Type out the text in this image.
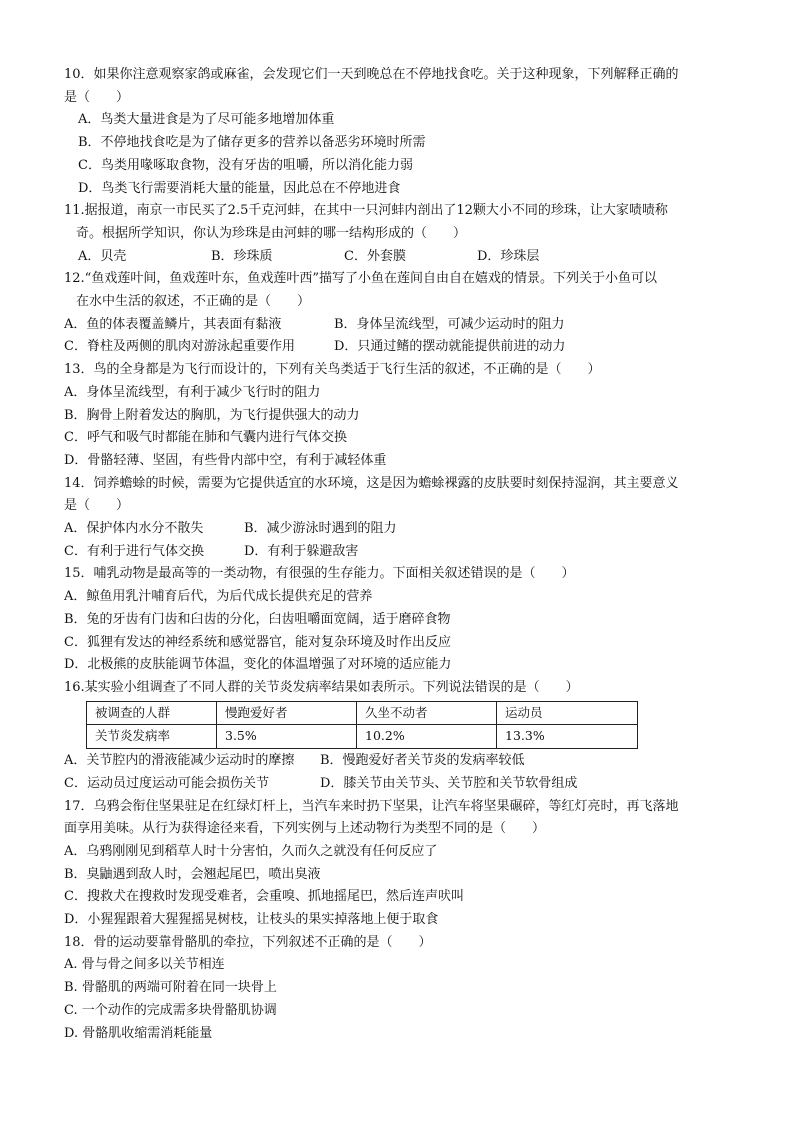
10．如果你注意观察家鸽或麻雀，会发现它们一天到晚总在不停地找食吃。关于这种现象，下列解释正确的

是（　　）

A．鸟类大量进食是为了尽可能多地增加体重

B．不停地找食吃是为了储存更多的营养以备恶劣环境时所需

C．鸟类用喙啄取食物，没有牙齿的咀嚼，所以消化能力弱

D．鸟类飞行需要消耗大量的能量，因此总在不停地进食

11.据报道，南京一市民买了2.5千克河蚌，在其中一只河蚌内剖出了12颗大小不同的珍珠，让大家啧啧称

奇。根据所学知识，你认为珍珠是由河蚌的哪一结构形成的（　　）

A．贝壳	B．珍珠质	C．外套膜	D．珍珠层

12.“鱼戏莲叶间，鱼戏莲叶东，鱼戏莲叶西”描写了小鱼在莲间自由自在嬉戏的情景。下列关于小鱼可以

在水中生活的叙述，不正确的是（　　）

A．鱼的体表覆盖鳞片，其表面有黏液	B．身体呈流线型，可减少运动时的阻力
C．脊柱及两侧的肌肉对游泳起重要作用	D．只通过鳍的摆动就能提供前进的动力

13．鸟的全身都是为飞行而设计的，下列有关鸟类适于飞行生活的叙述，不正确的是（　　）

A．身体呈流线型，有利于减少飞行时的阻力

B．胸骨上附着发达的胸肌，为飞行提供强大的动力

C．呼气和吸气时都能在肺和气囊内进行气体交换

D．骨骼轻薄、坚固，有些骨内部中空，有利于减轻体重

14．饲养蟾蜍的时候，需要为它提供适宜的水环境，这是因为蟾蜍裸露的皮肤要时刻保持湿润，其主要意义

是（　　）

A．保护体内水分不散失	B．减少游泳时遇到的阻力
C．有利于进行气体交换	D．有利于躲避敌害

15．哺乳动物是最高等的一类动物，有很强的生存能力。下面相关叙述错误的是（　　）

A．鲸鱼用乳汁哺育后代，为后代成长提供充足的营养

B．兔的牙齿有门齿和臼齿的分化，臼齿咀嚼面宽阔，适于磨碎食物

C．狐狸有发达的神经系统和感觉器官，能对复杂环境及时作出反应

D．北极熊的皮肤能调节体温，变化的体温增强了对环境的适应能力

16.某实验小组调查了不同人群的关节炎发病率结果如表所示。下列说法错误的是（　　）

被调查的人群	慢跑爱好者	久坐不动者	运动员
关节炎发病率	3.5%	10.2%	13.3%
A．关节腔内的滑液能减少运动时的摩擦	B．慢跑爱好者关节炎的发病率较低
C．运动员过度运动可能会损伤关节	D．膝关节由关节头、关节腔和关节软骨组成

17．乌鸦会衔住坚果驻足在红绿灯杆上，当汽车来时扔下坚果，让汽车将坚果碾碎，等红灯亮时，再飞落地

面享用美味。从行为获得途径来看，下列实例与上述动物行为类型不同的是（　　）

A．乌鸦刚刚见到稻草人时十分害怕，久而久之就没有任何反应了

B．臭鼬遇到敌人时，会翘起尾巴，喷出臭液

C．搜救犬在搜救时发现受难者，会重嗅、抓地摇尾巴，然后连声吠叫

D．小猩猩跟着大猩猩摇晃树枝，让枝头的果实掉落地上便于取食

18．骨的运动要靠骨骼肌的牵拉，下列叙述不正确的是（　　）

A. 骨与骨之间多以关节相连

B. 骨骼肌的两端可附着在同一块骨上

C. 一个动作的完成需多块骨骼肌协调

D. 骨骼肌收缩需消耗能量
